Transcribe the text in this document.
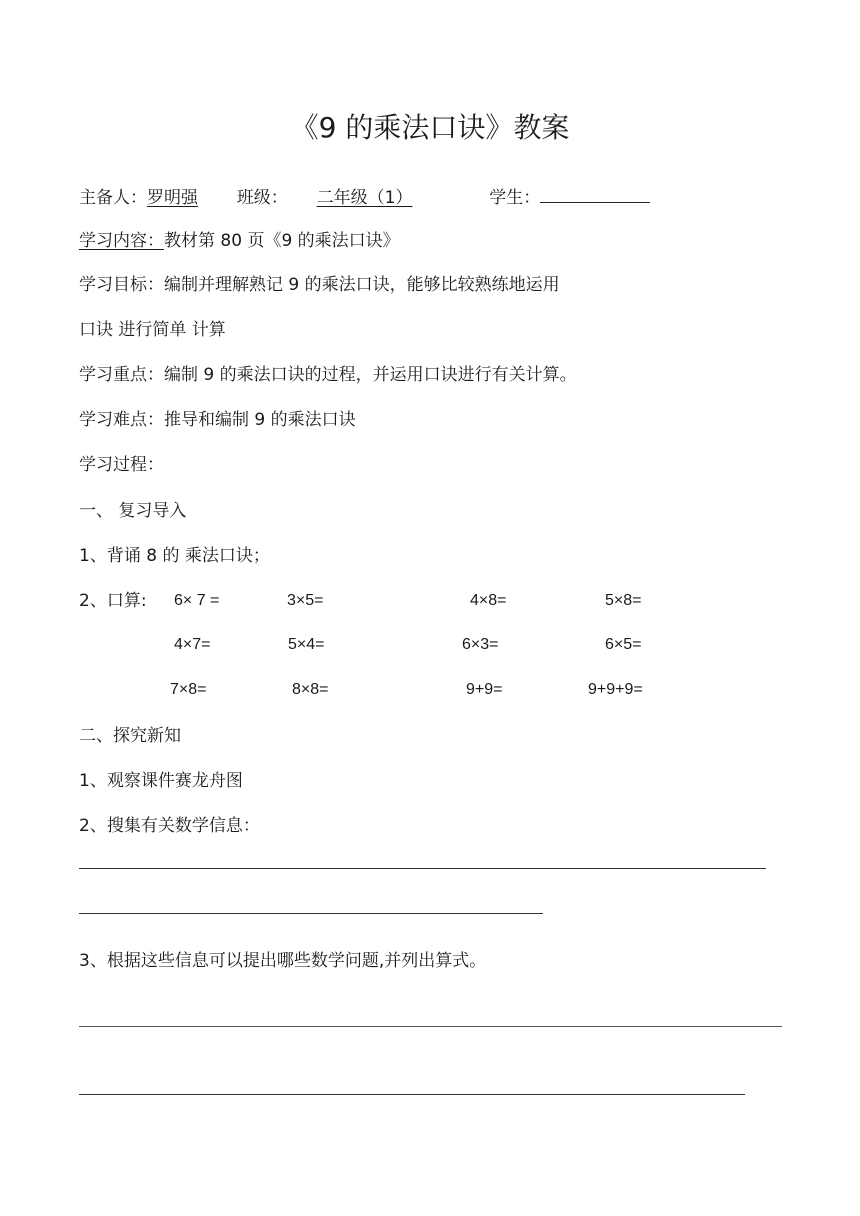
《9 的乘法口诀》教案
主备人：罗明强 班级： 二年级（1）	学生：
学习内容：教材第 80 页《9 的乘法口诀》
学习目标：编制并理解熟记 9 的乘法口诀，能够比较熟练地运用
口诀 进行简单 计算
学习重点：编制 9 的乘法口诀的过程，并运用口诀进行有关计算。
学习难点：推导和编制 9 的乘法口诀
学习过程：
一、 复习导入
1、背诵 8 的 乘法口诀；
2、口算: 6× 7 =	3×5=	4×8=	5×8=
4×7=	5×4=	6×3=	6×5=
7×8=	8×8=	9+9=	9+9+9=
二、探究新知
1、观察课件赛龙舟图
2、搜集有关数学信息：
3、根据这些信息可以提出哪些数学问题,并列出算式。
